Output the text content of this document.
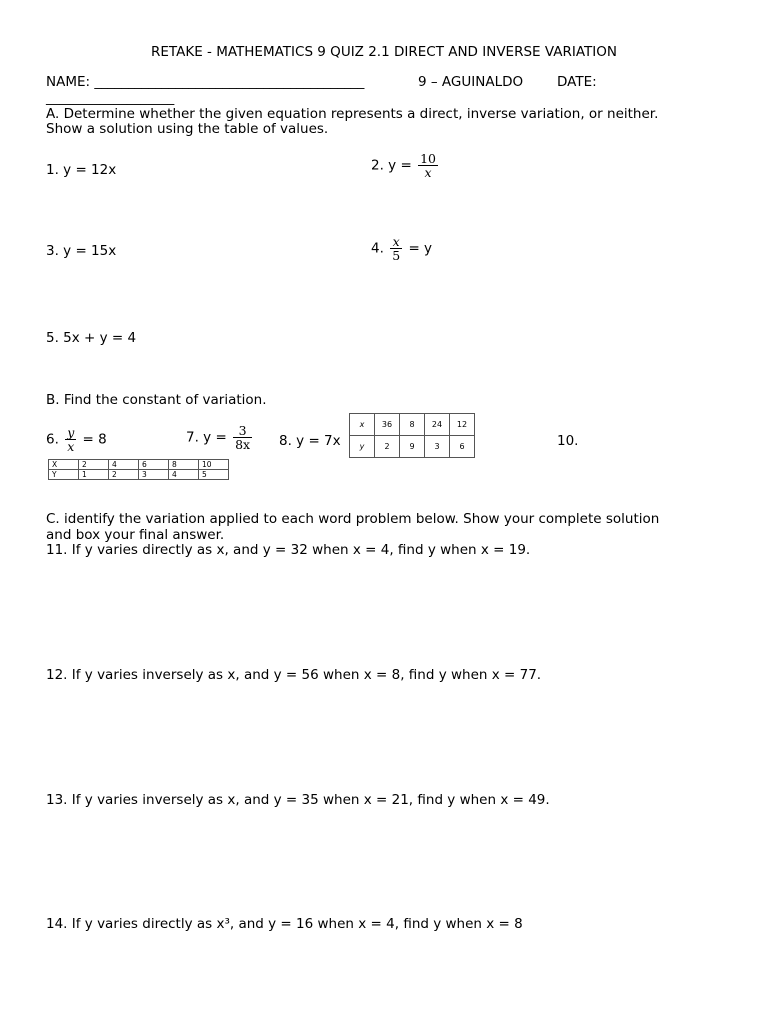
RETAKE - MATHEMATICS 9 QUIZ 2.1 DIRECT AND INVERSE VARIATION
NAME: ________________________________________	9 – AGUINALDO	DATE:
___________________
A. Determine whether the given equation represents a direct, inverse variation, or neither.
Show a solution using the table of values.
1. y = 12x	2. $y = \frac{10}{x}$
3. y = 15x	4. $\frac{x}{5} = y$
5. 5x + y = 4
B. Find the constant of variation.
6. $\frac{y}{x} = 8$	7. $y = \frac{3}{8x} 8$. y = 7x
x	36	8	24	12
y	2	9	3	6	10.
X	2	4	6	8	10
Y	1	2	3	4	5
C. identify the variation applied to each word problem below. Show your complete solution
and box your final answer.
11. If y varies directly as x, and y = 32 when x = 4, find y when x = 19.
12. If y varies inversely as x, and y = 56 when x = 8, find y when x = 77.
13. If y varies inversely as x, and y = 35 when x = 21, find y when x = 49.
14. If y varies directly as x³, and y = 16 when x = 4, find y when x = 8
